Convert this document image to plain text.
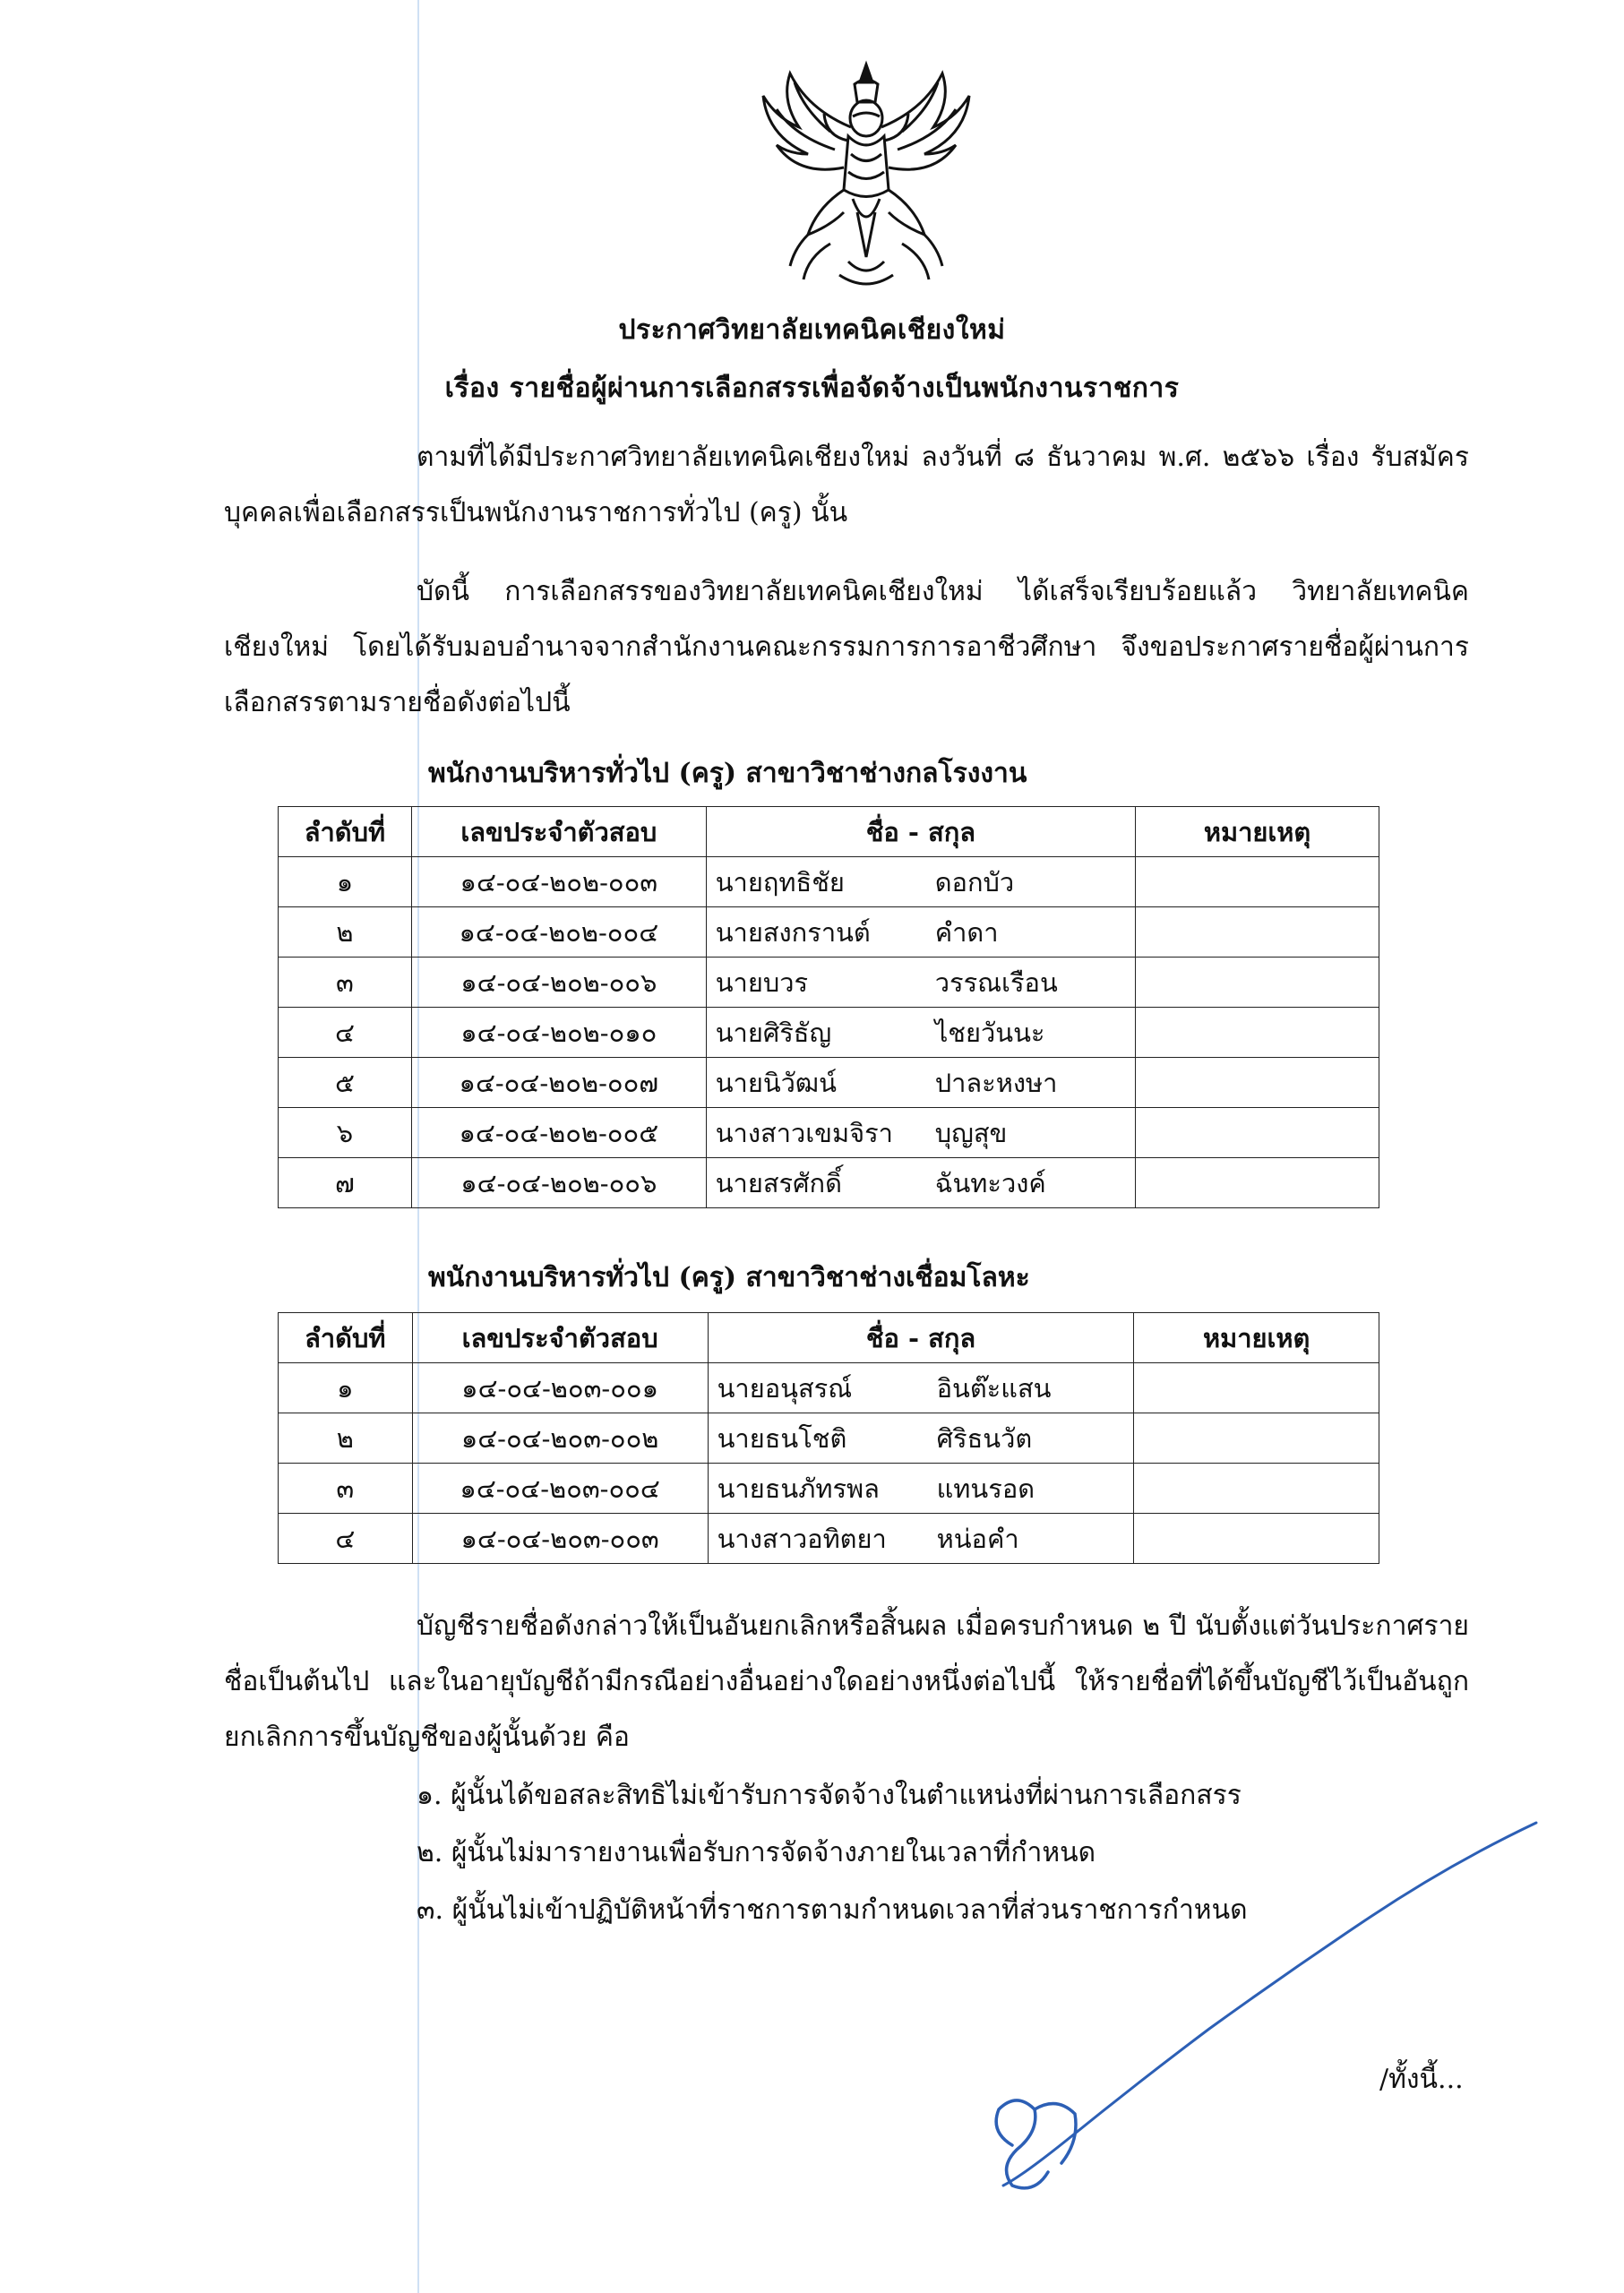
ประกาศวิทยาลัยเทคนิคเชียงใหม่
เรื่อง รายชื่อผู้ผ่านการเลือกสรรเพื่อจัดจ้างเป็นพนักงานราชการ
ตามที่ได้มีประกาศวิทยาลัยเทคนิคเชียงใหม่ ลงวันที่ ๘ ธันวาคม พ.ศ. ๒๕๖๖ เรื่อง รับสมัครบุคคลเพื่อเลือกสรรเป็นพนักงานราชการทั่วไป (ครู) นั้น
บัดนี้ การเลือกสรรของวิทยาลัยเทคนิคเชียงใหม่ ได้เสร็จเรียบร้อยแล้ว วิทยาลัยเทคนิคเชียงใหม่ โดยได้รับมอบอำนาจจากสำนักงานคณะกรรมการการอาชีวศึกษา จึงขอประกาศรายชื่อผู้ผ่านการเลือกสรรตามรายชื่อดังต่อไปนี้
พนักงานบริหารทั่วไป (ครู) สาขาวิชาช่างกลโรงงาน
ลำดับที่	เลขประจำตัวสอบ	ชื่อ - สกุล	หมายเหตุ
๑	๑๔-๐๔-๒๐๒-๐๐๓	นายฤทธิชัย ดอกบัว	

๒	๑๔-๐๔-๒๐๒-๐๐๔	นายสงกรานต์ คำดา	

๓	๑๔-๐๔-๒๐๒-๐๐๖	นายบวร วรรณเรือน	

๔	๑๔-๐๔-๒๐๒-๐๑๐	นายศิริธัญ ไชยวันนะ	

๕	๑๔-๐๔-๒๐๒-๐๐๗	นายนิวัฒน์ ปาละหงษา	

๖	๑๔-๐๔-๒๐๒-๐๐๕	นางสาวเขมจิรา บุญสุข	

๗	๑๔-๐๔-๒๐๒-๐๐๖	นายสรศักดิ์ ฉันทะวงค์	

พนักงานบริหารทั่วไป (ครู) สาขาวิชาช่างเชื่อมโลหะ
ลำดับที่	เลขประจำตัวสอบ	ชื่อ - สกุล	หมายเหตุ
๑	๑๔-๐๔-๒๐๓-๐๐๑	นายอนุสรณ์ อินต๊ะแสน	

๒	๑๔-๐๔-๒๐๓-๐๐๒	นายธนโชติ ศิริธนวัต	

๓	๑๔-๐๔-๒๐๓-๐๐๔	นายธนภัทรพล แทนรอด	

๔	๑๔-๐๔-๒๐๓-๐๐๓	นางสาวอทิตยา หน่อคำ	

บัญชีรายชื่อดังกล่าวให้เป็นอันยกเลิกหรือสิ้นผล เมื่อครบกำหนด ๒ ปี นับตั้งแต่วันประกาศรายชื่อเป็นต้นไป และในอายุบัญชีถ้ามีกรณีอย่างอื่นอย่างใดอย่างหนึ่งต่อไปนี้ ให้รายชื่อที่ได้ขึ้นบัญชีไว้เป็นอันถูกยกเลิกการขึ้นบัญชีของผู้นั้นด้วย คือ
๑. ผู้นั้นได้ขอสละสิทธิไม่เข้ารับการจัดจ้างในตำแหน่งที่ผ่านการเลือกสรร
๒. ผู้นั้นไม่มารายงานเพื่อรับการจัดจ้างภายในเวลาที่กำหนด
๓. ผู้นั้นไม่เข้าปฏิบัติหน้าที่ราชการตามกำหนดเวลาที่ส่วนราชการกำหนด
/ทั้งนี้...
